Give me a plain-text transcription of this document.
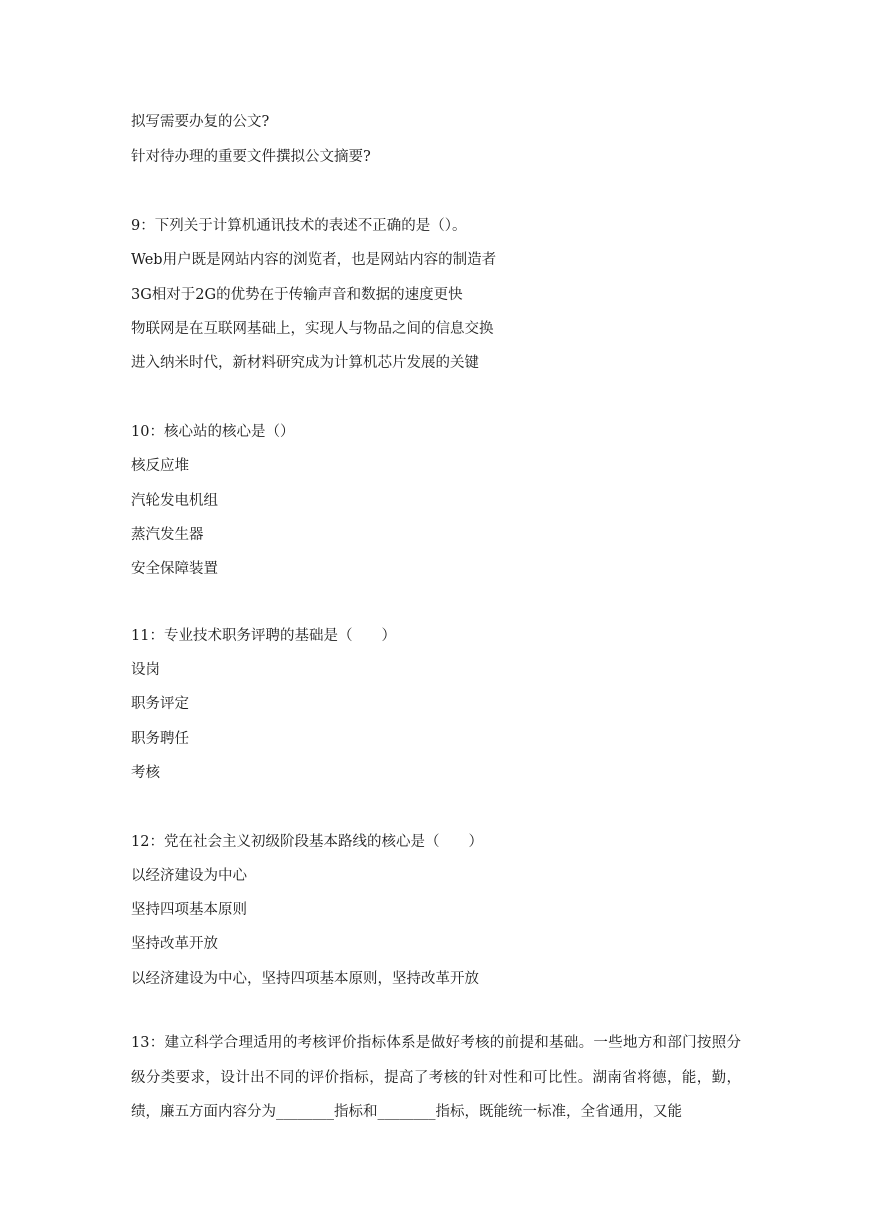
拟写需要办复的公文?
针对待办理的重要文件撰拟公文摘要?
9：下列关于计算机通讯技术的表述不正确的是（）。
Web用户既是网站内容的浏览者，也是网站内容的制造者
3G相对于2G的优势在于传输声音和数据的速度更快
物联网是在互联网基础上，实现人与物品之间的信息交换
进入纳米时代，新材料研究成为计算机芯片发展的关键
10：核心站的核心是（）
核反应堆
汽轮发电机组
蒸汽发生器
安全保障装置
11：专业技术职务评聘的基础是（　　）
设岗
职务评定
职务聘任
考核
12：党在社会主义初级阶段基本路线的核心是（　　）
以经济建设为中心
坚持四项基本原则
坚持改革开放
以经济建设为中心，坚持四项基本原则，坚持改革开放
13：建立科学合理适用的考核评价指标体系是做好考核的前提和基础。一些地方和部门按照分级分类要求，设计出不同的评价指标，提高了考核的针对性和可比性。湖南省将德，能，勤，绩，廉五方面内容分为________指标和________指标，既能统一标准，全省通用，又能
